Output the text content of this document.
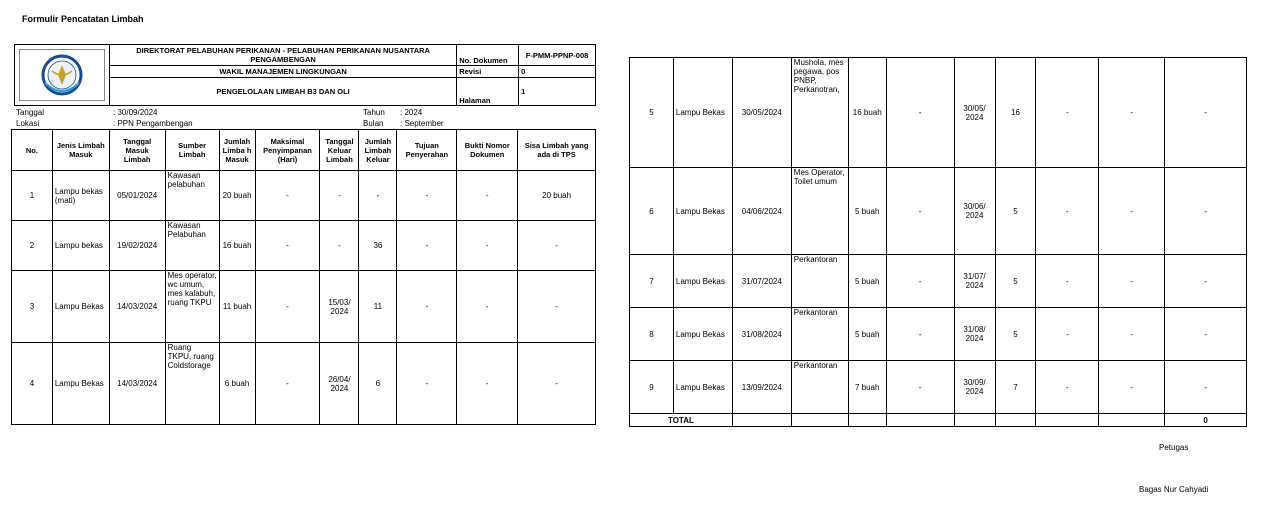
Formulir Pencatatan Limbah
	DIREKTORAT PELABUHAN PERIKANAN - PELABUHAN PERIKANAN NUSANTARA PENGAMBENGAN	No. Dokumen	F-PMM-PPNP-008
	WAKIL MANAJEMEN LINGKUNGAN	Revisi	0
	PENGELOLAAN LIMBAH B3 DAN OLI	Halaman	1
Tanggal	: 30/09/2024
Lokasi	: PPN Pengambengan
Tahun : 2024
Bulan : September
No.	Jenis Limbah Masuk	Tanggal Masuk Limbah	Sumber Limbah	Jumlah Limba h Masuk	Maksimal Penyimpanan (Hari)	Tanggal Keluar Limbah	Jumlah Limbah Keluar	Tujuan Penyerahan	Bukti Nomor Dokumen	Sisa Limbah yang ada di TPS
1	Lampu bekas (mati)	05/01/2024	Kawasan pelabuhan	20 buah	-	-	-	-	-	20 buah
2	Lampu bekas	19/02/2024	Kawasan Pelabuhan	16 buah	-	-	36	-	-	-
3	Lampu Bekas	14/03/2024	Mes operator, wc umum, mes kalabuh, ruang TKPU	11 buah	-	15/03/ 2024	11	-	-	-
4	Lampu Bekas	14/03/2024	Ruang TKPU, ruang Coldstorage	6 buah	-	26/04/ 2024	6	-	-	-
5	Lampu Bekas	30/05/2024	Mushola, mes pegawa, pos PNBP, Perkanotran,	16 buah	-	30/05/ 2024	16	-	-	-
6	Lampu Bekas	04/06/2024	Mes Operator, Toilet umum	5 buah	-	30/06/ 2024	5	-	-	-
7	Lampu Bekas	31/07/2024	Perkantoran	5 buah	-	31/07/ 2024	5	-	-	-
8	Lampu Bekas	31/08/2024	Perkantoran	5 buah	-	31/08/ 2024	5	-	-	-
9	Lampu Bekas	13/09/2024	Perkantoran	7 buah	-	30/09/ 2024	7	-	-	-
TOTAL										0
Petugas
Bagas Nur Cahyadi
